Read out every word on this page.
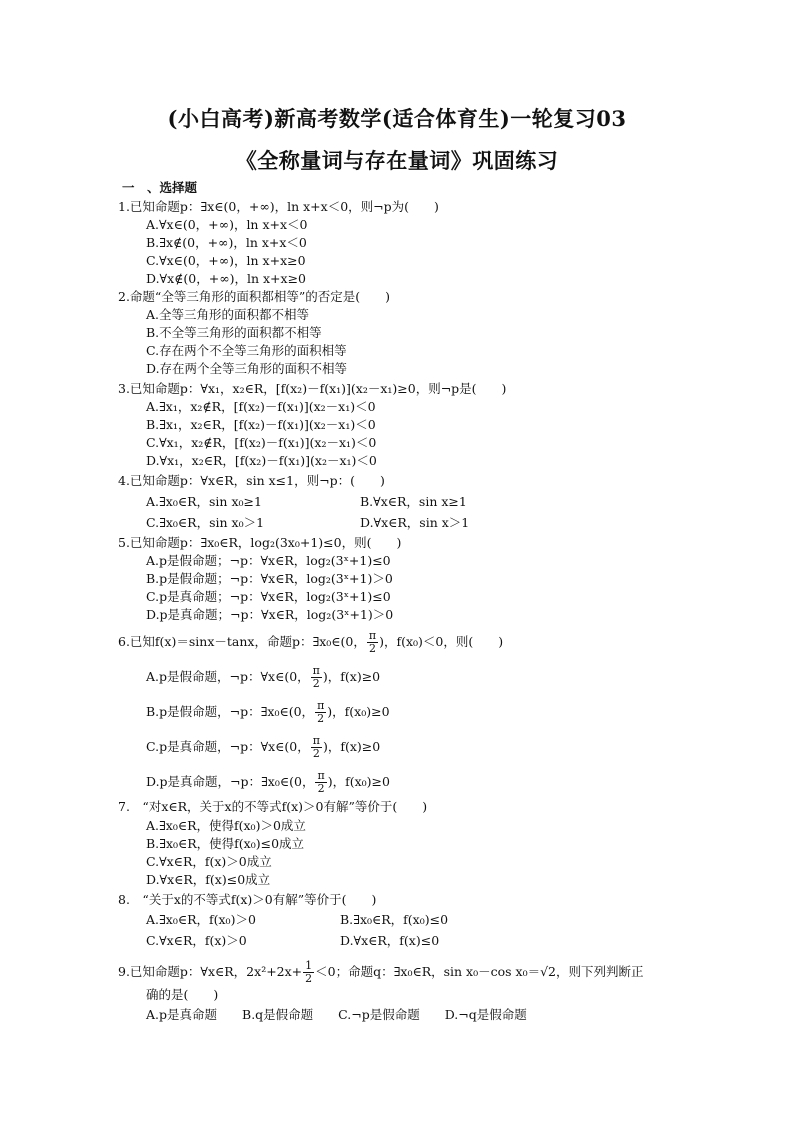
(小白高考)新高考数学(适合体育生)一轮复习03
《全称量词与存在量词》巩固练习
一　、选择题
1.已知命题p：∃x∈(0，+∞)，ln x+x＜0，则¬p为(　　)
A.∀x∈(0，+∞)，ln x+x＜0
B.∃x∉(0，+∞)，ln x+x＜0
C.∀x∈(0，+∞)，ln x+x≥0
D.∀x∉(0，+∞)，ln x+x≥0
2.命题“全等三角形的面积都相等”的否定是(　　)
A.全等三角形的面积都不相等
B.不全等三角形的面积都不相等
C.存在两个不全等三角形的面积相等
D.存在两个全等三角形的面积不相等
3.已知命题p：∀x₁，x₂∈R，[f(x₂)－f(x₁)](x₂－x₁)≥0，则¬p是(　　)
A.∃x₁，x₂∉R，[f(x₂)－f(x₁)](x₂－x₁)＜0
B.∃x₁，x₂∈R，[f(x₂)－f(x₁)](x₂－x₁)＜0
C.∀x₁，x₂∉R，[f(x₂)－f(x₁)](x₂－x₁)＜0
D.∀x₁，x₂∈R，[f(x₂)－f(x₁)](x₂－x₁)＜0
4.已知命题p：∀x∈R，sin x≤1，则¬p：(　　)
A.∃x₀∈R，sin x₀≥1	B.∀x∈R，sin x≥1
C.∃x₀∈R，sin x₀＞1	D.∀x∈R，sin x＞1
5.已知命题p：∃x₀∈R，log₂(3x₀+1)≤0，则(　　)
A.p是假命题；¬p：∀x∈R，log₂(3ˣ+1)≤0
B.p是假命题；¬p：∀x∈R，log₂(3ˣ+1)＞0
C.p是真命题；¬p：∀x∈R，log₂(3ˣ+1)≤0
D.p是真命题；¬p：∀x∈R，log₂(3ˣ+1)＞0
6.已知f(x)＝sinx－tanx，命题p：∃x₀∈(0， $\frac{\pi}{2}$ )，f(x₀)＜0，则(　　)
A.p是假命题，¬p：∀x∈(0， $\frac{\pi}{2}$ )，f(x)≥0
B.p是假命题，¬p：∃x₀∈(0， $\frac{\pi}{2}$ )，f(x₀)≥0
C.p是真命题，¬p：∀x∈(0， $\frac{\pi}{2}$ )，f(x)≥0
D.p是真命题，¬p：∃x₀∈(0， $\frac{\pi}{2}$ )，f(x₀)≥0
7.　“对x∈R，关于x的不等式f(x)＞0有解”等价于(　　)
A.∃x₀∈R，使得f(x₀)＞0成立
B.∃x₀∈R，使得f(x₀)≤0成立
C.∀x∈R，f(x)＞0成立
D.∀x∈R，f(x)≤0成立
8.　“关于x的不等式f(x)＞0有解”等价于(　　)
A.∃x₀∈R，f(x₀)＞0	B.∃x₀∈R，f(x₀)≤0
C.∀x∈R，f(x)＞0	D.∀x∈R，f(x)≤0
9.已知命题p：∀x∈R，$2x^2+2x+ \frac{1}{2} <0$；命题q：∃x₀∈R，sin x₀－cos x₀＝√2，则下列判断正
确的是(　　)
A.p是真命题　　B.q是假命题　　C.¬p是假命题　　D.¬q是假命题
